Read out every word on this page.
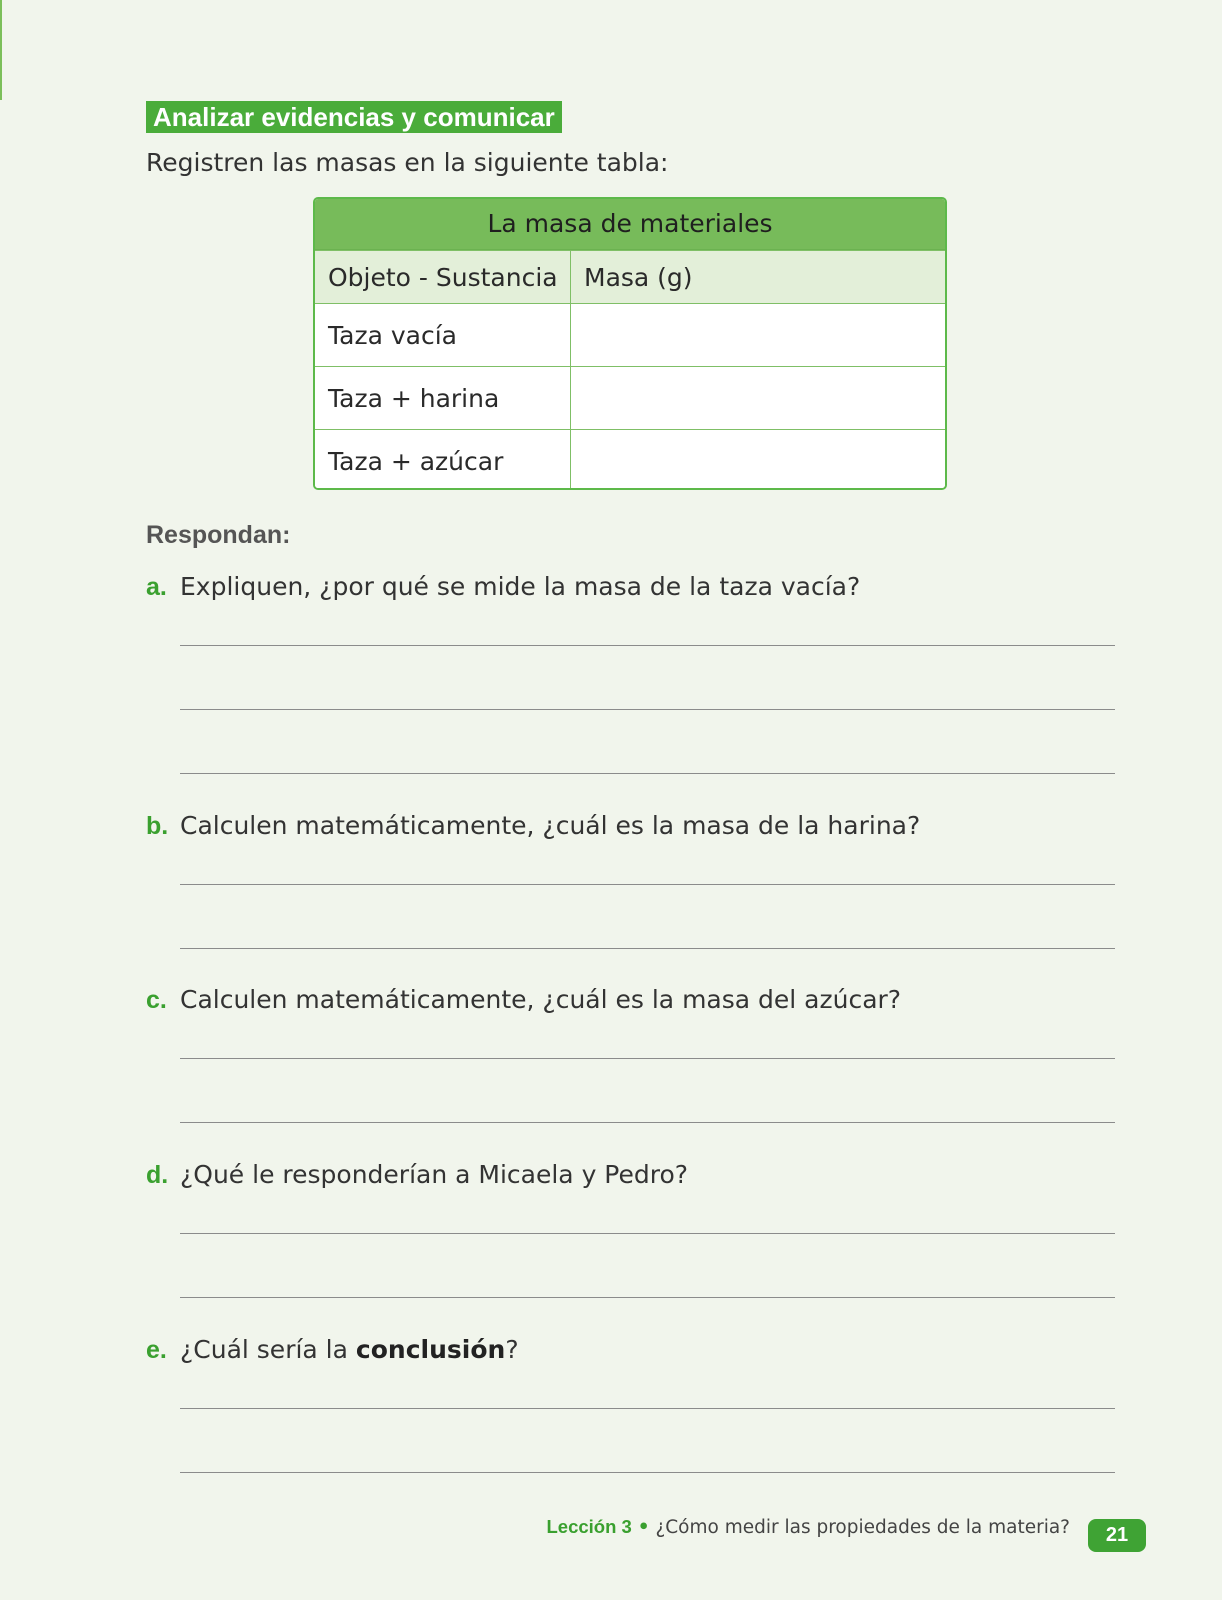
Analizar evidencias y comunicar
Registren las masas en la siguiente tabla:
La masa de materiales
Objeto - Sustancia	Masa (g)
Taza vacía
Taza + harina
Taza + azúcar
Respondan:
a. Expliquen, ¿por qué se mide la masa de la taza vacía?
b. Calculen matemáticamente, ¿cuál es la masa de la harina?
c. Calculen matemáticamente, ¿cuál es la masa del azúcar?
d. ¿Qué le responderían a Micaela y Pedro?
e. ¿Cuál sería la conclusión?
Lección 3 • ¿Cómo medir las propiedades de la materia?	21
